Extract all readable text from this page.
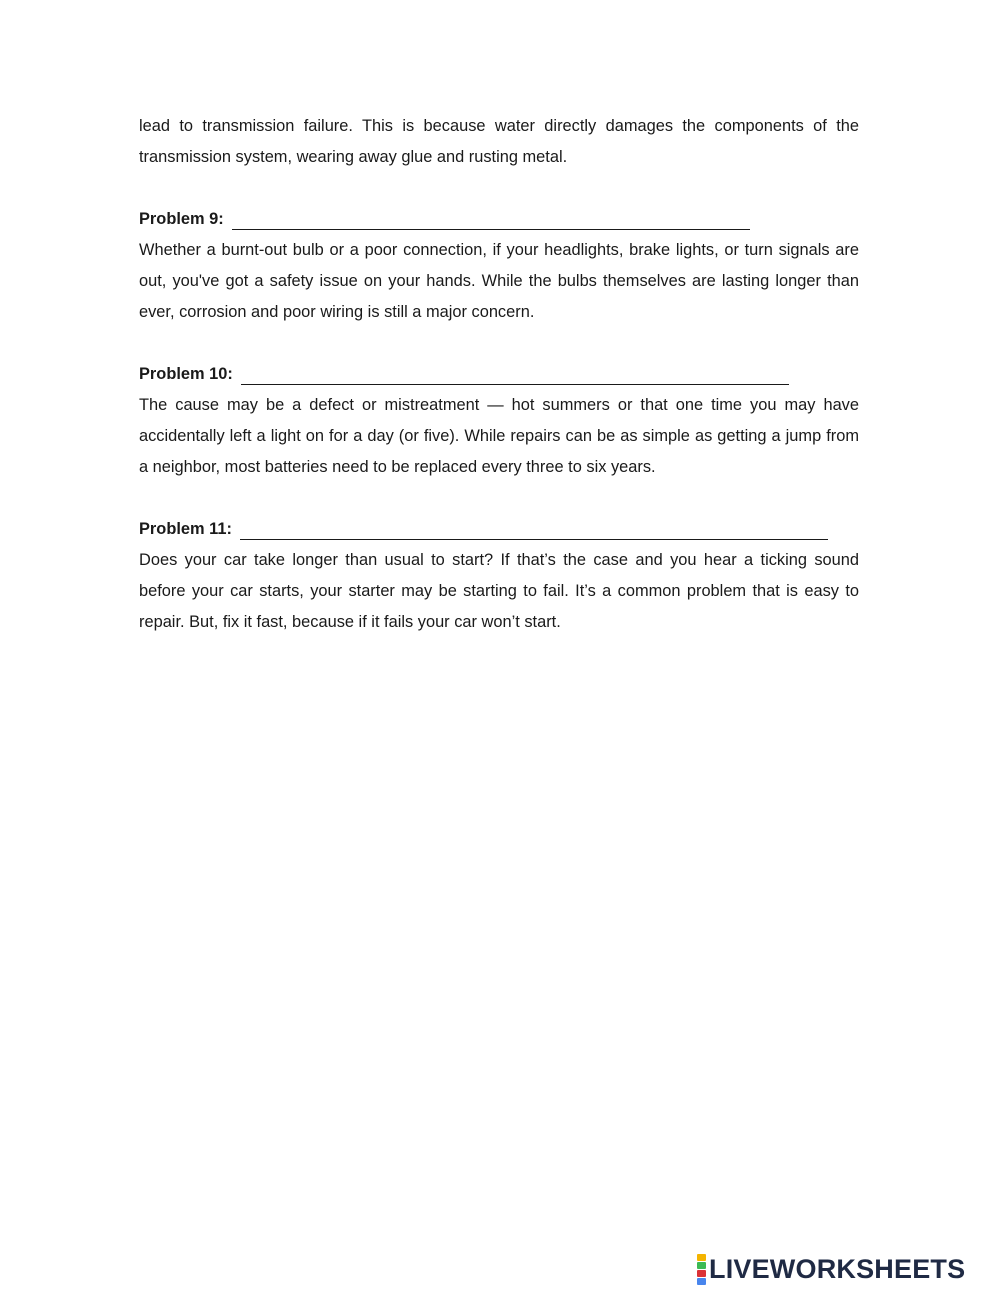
lead to transmission failure. This is because water directly damages the components of the transmission system, wearing away glue and rusting metal.

Problem 9:

Whether a burnt-out bulb or a poor connection, if your headlights, brake lights, or turn signals are out, you've got a safety issue on your hands. While the bulbs themselves are lasting longer than ever, corrosion and poor wiring is still a major concern.

Problem 10:

The cause may be a defect or mistreatment — hot summers or that one time you may have accidentally left a light on for a day (or five). While repairs can be as simple as getting a jump from a neighbor, most batteries need to be replaced every three to six years.

Problem 11:

Does your car take longer than usual to start? If that’s the case and you hear a ticking sound before your car starts, your starter may be starting to fail. It’s a common problem that is easy to repair. But, fix it fast, because if it fails your car won’t start.

LIVEWORKSHEETS
